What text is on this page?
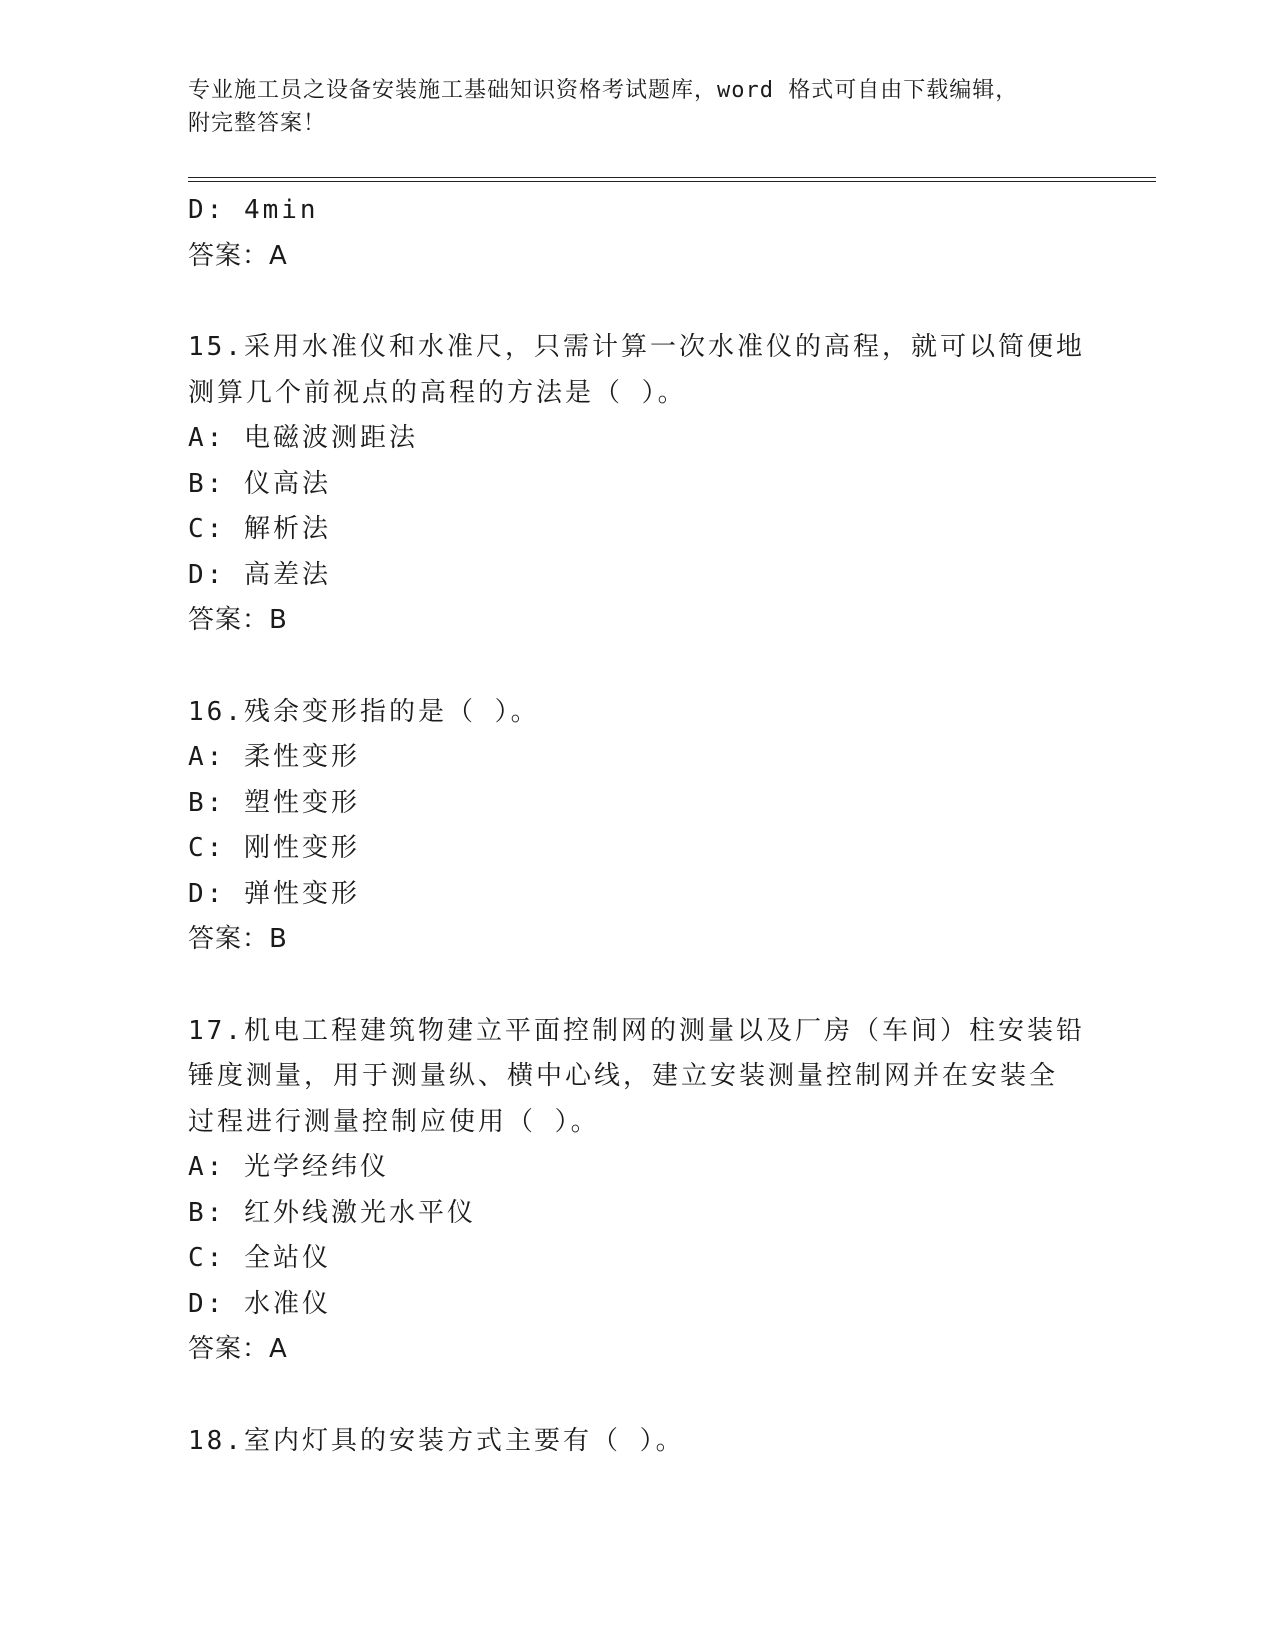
专业施工员之设备安装施工基础知识资格考试题库，word 格式可自由下载编辑，
附完整答案！
D: 4min
答案：A
15.采用水准仪和水准尺，只需计算一次水准仪的高程，就可以简便地
测算几个前视点的高程的方法是（ ）。
A: 电磁波测距法
B: 仪高法
C: 解析法
D: 高差法
答案：B
16.残余变形指的是（ ）。
A: 柔性变形
B: 塑性变形
C: 刚性变形
D: 弹性变形
答案：B
17.机电工程建筑物建立平面控制网的测量以及厂房（车间）柱安装铅
锤度测量，用于测量纵、横中心线，建立安装测量控制网并在安装全
过程进行测量控制应使用（ ）。
A: 光学经纬仪
B: 红外线激光水平仪
C: 全站仪
D: 水准仪
答案：A
18.室内灯具的安装方式主要有（ ）。
